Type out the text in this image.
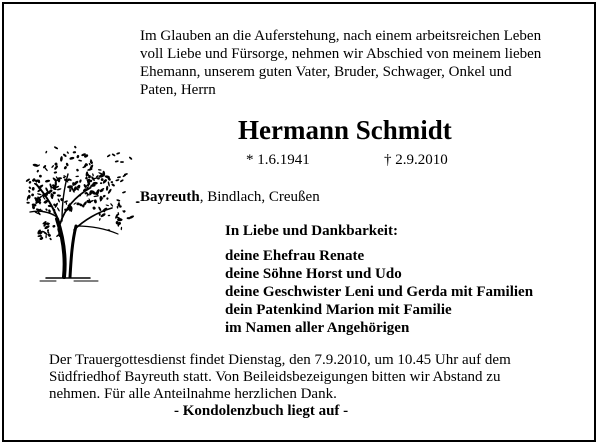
Im Glauben an die Auferstehung, nach einem arbeitsreichen Leben
voll Liebe und Fürsorge, nehmen wir Abschied von meinem lieben
Ehemann, unserem guten Vater, Bruder, Schwager, Onkel und
Paten, Herrn
Hermann Schmidt
* 1.6.1941	† 2.9.2010
Bayreuth, Bindlach, Creußen
In Liebe und Dankbarkeit:
deine Ehefrau Renate
deine Söhne Horst und Udo
deine Geschwister Leni und Gerda mit Familien
dein Patenkind Marion mit Familie
im Namen aller Angehörigen
Der Trauergottesdienst findet Dienstag, den 7.9.2010, um 10.45 Uhr auf dem
Südfriedhof Bayreuth statt. Von Beileidsbezeigungen bitten wir Abstand zu
nehmen. Für alle Anteilnahme herzlichen Dank.
- Kondolenzbuch liegt auf -
